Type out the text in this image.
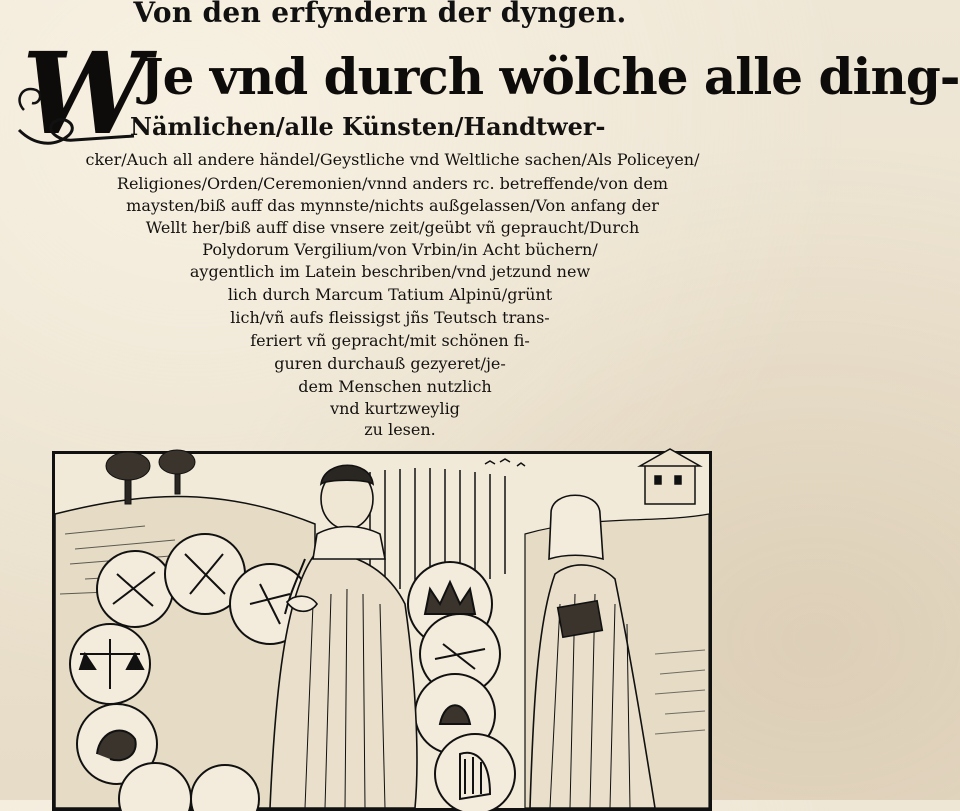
Von den erfyndern der dyngen.
W
Je vnd durch wölche alle ding-
Nämlichen/alle Künsten/Handtwer-
cker/Auch all andere händel/Geystliche vnd Weltliche sachen/Als Policeyen/
Religiones/Orden/Ceremonien/vnnd anders rc. betreffende/von dem
maysten/biß auff das mynnste/nichts außgelassen/Von anfang der
Wellt her/biß auff dise vnsere zeit/geübt vñ gepraucht/Durch
Polydorum Vergilium/von Vrbin/in Acht büchern/
aygentlich im Latein beschriben/vnd jetzund new
lich durch Marcum Tatium Alpinū/grünt
lich/vñ aufs fleissigst jñs Teutsch trans-
feriert vñ gepracht/mit schönen fi-
guren durchauß gezyeret/je-
dem Menschen nutzlich
vnd kurtzweylig
zu lesen.
